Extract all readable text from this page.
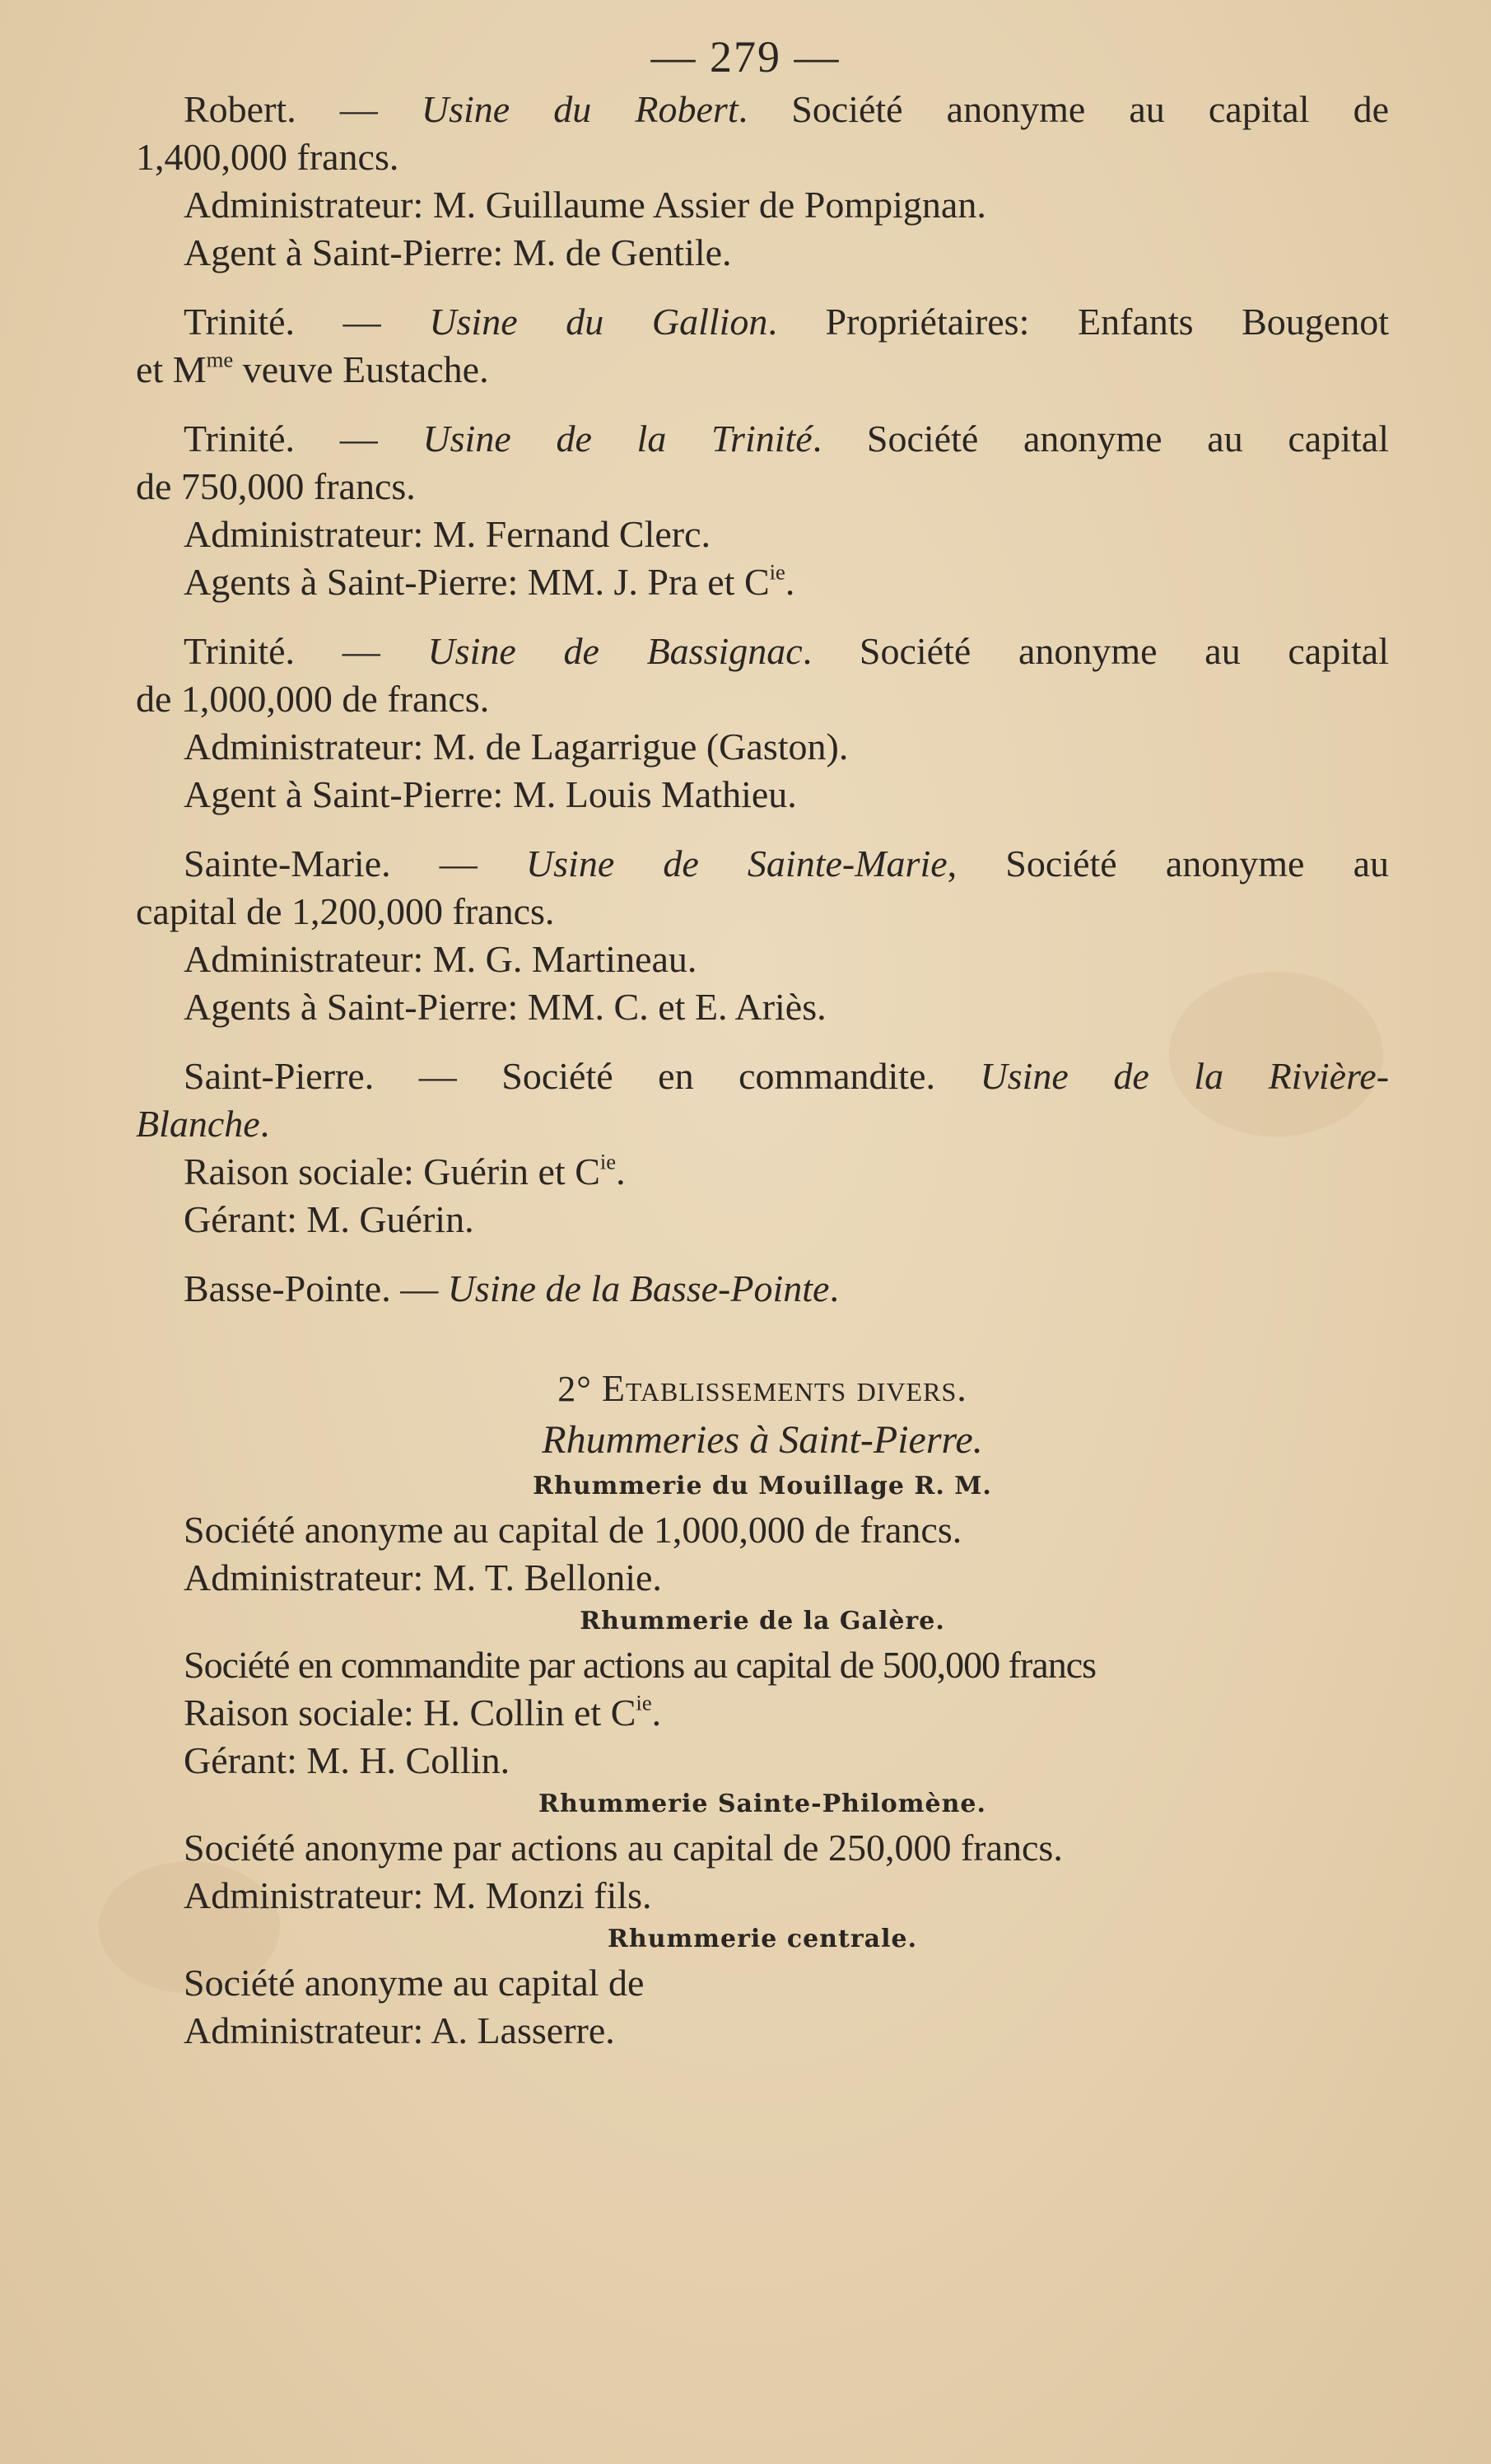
— 279 —

Robert. — Usine du Robert. Société anonyme au capital de

1,400,000 francs.

Administrateur: M. Guillaume Assier de Pompignan.

Agent à Saint-Pierre: M. de Gentile.

Trinité. — Usine du Gallion. Propriétaires: Enfants Bougenot

et $M^{me}$ veuve Eustache.

Trinité. — Usine de la Trinité. Société anonyme au capital

de 750,000 francs.

Administrateur: M. Fernand Clerc.

Agents à Saint-Pierre: MM. J. Pra et $C^{ie}$.

Trinité. — Usine de Bassignac. Société anonyme au capital

de 1,000,000 de francs.

Administrateur: M. de Lagarrigue (Gaston).

Agent à Saint-Pierre: M. Louis Mathieu.

Sainte-Marie. — Usine de Sainte-Marie, Société anonyme au

capital de 1,200,000 francs.

Administrateur: M. G. Martineau.

Agents à Saint-Pierre: MM. C. et E. Ariès.

Saint-Pierre. — Société en commandite. Usine de la Rivière-

Blanche.

Raison sociale: Guérin et $C^{ie}$.

Gérant: M. Guérin.

Basse-Pointe. — Usine de la Basse-Pointe.

2° Etablissements divers.

Rhummeries à Saint-Pierre.

Rhummerie du Mouillage R. M.

Société anonyme au capital de 1,000,000 de francs.

Administrateur: M. T. Bellonie.

Rhummerie de la Galère.

Société en commandite par actions au capital de 500,000 francs

Raison sociale: H. Collin et $C^{ie}$.

Gérant: M. H. Collin.

Rhummerie Sainte-Philomène.

Société anonyme par actions au capital de 250,000 francs.

Administrateur: M. Monzi fils.

Rhummerie centrale.

Société anonyme au capital de

Administrateur: A. Lasserre.
